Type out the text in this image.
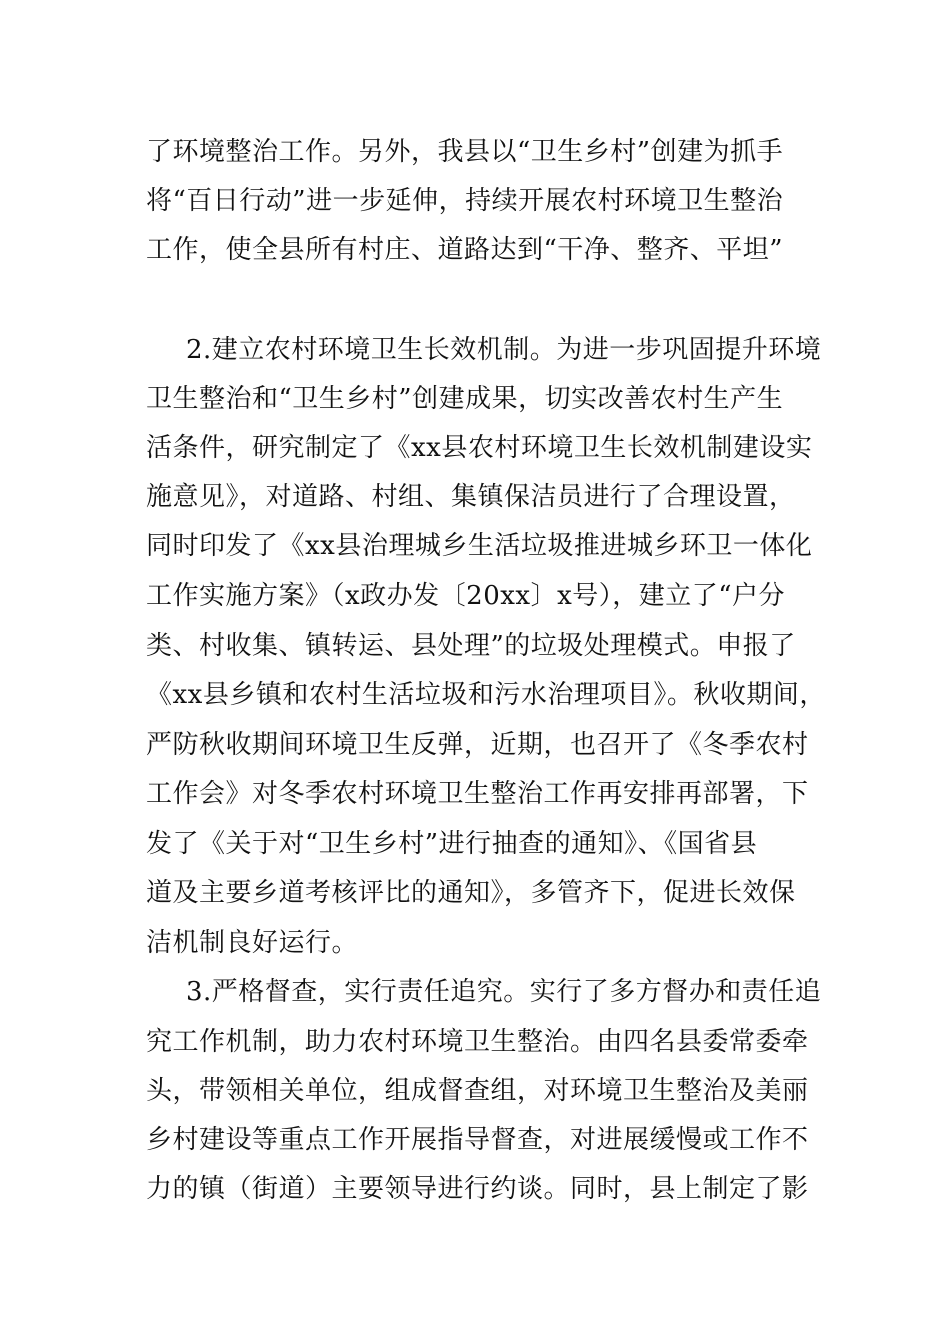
了环境整治工作。另外，我县以“卫生乡村”创建为抓手
将“百日行动”进一步延伸，持续开展农村环境卫生整治
工作，使全县所有村庄、道路达到“干净、整齐、平坦”
2.建立农村环境卫生长效机制。为进一步巩固提升环境
卫生整治和“卫生乡村”创建成果，切实改善农村生产生
活条件，研究制定了《xx县农村环境卫生长效机制建设实
施意见》，对道路、村组、集镇保洁员进行了合理设置，
同时印发了《xx县治理城乡生活垃圾推进城乡环卫一体化
工作实施方案》（x政办发〔20xx〕x号），建立了“户分
类、村收集、镇转运、县处理”的垃圾处理模式。申报了
《xx县乡镇和农村生活垃圾和污水治理项目》。秋收期间，
严防秋收期间环境卫生反弹，近期，也召开了《冬季农村
工作会》对冬季农村环境卫生整治工作再安排再部署，下
发了《关于对“卫生乡村”进行抽查的通知》、《国省县
道及主要乡道考核评比的通知》，多管齐下，促进长效保
洁机制良好运行。
3.严格督查，实行责任追究。实行了多方督办和责任追
究工作机制，助力农村环境卫生整治。由四名县委常委牵
头，带领相关单位，组成督查组，对环境卫生整治及美丽
乡村建设等重点工作开展指导督查，对进展缓慢或工作不
力的镇（街道）主要领导进行约谈。同时，县上制定了影
